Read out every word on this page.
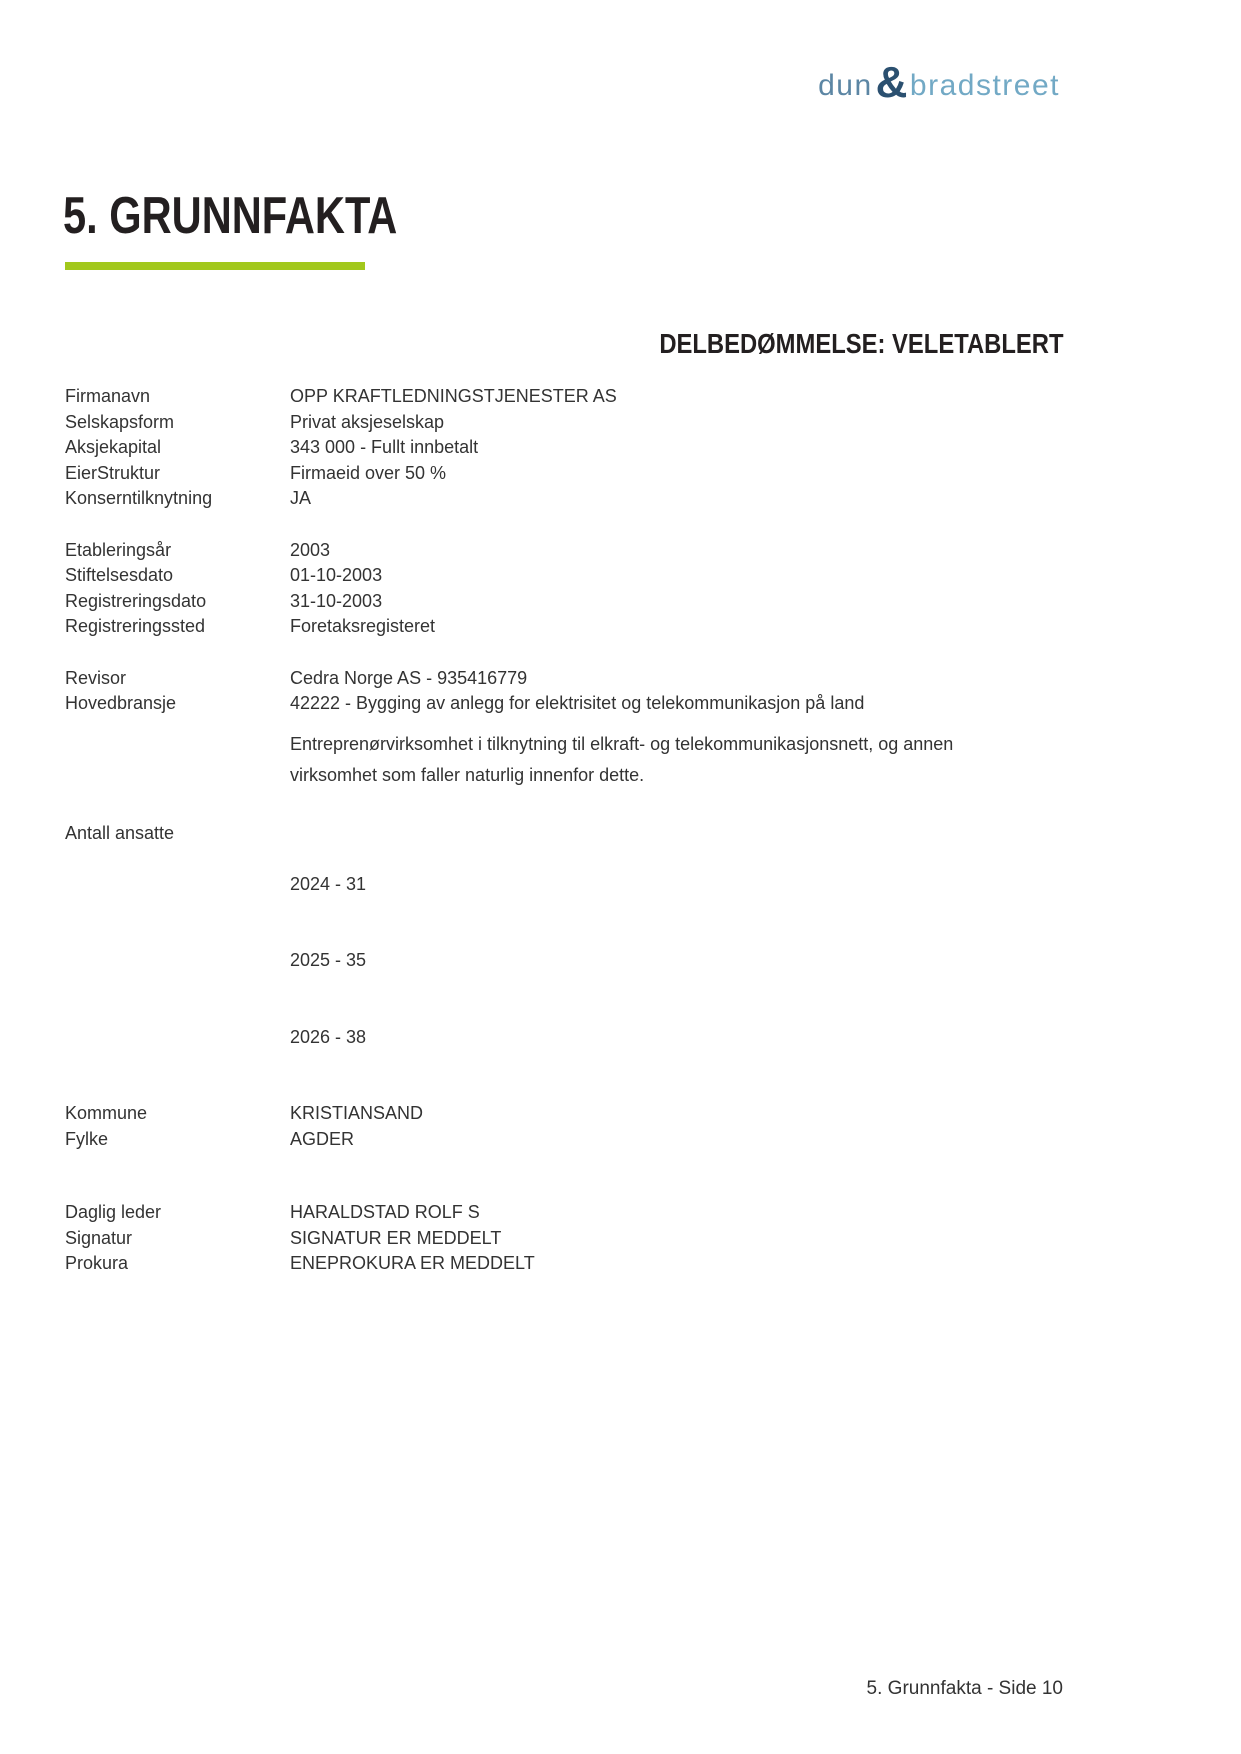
dun & bradstreet
5. GRUNNFAKTA
DELBEDØMMELSE: VELETABLERT
Firmanavn	OPP KRAFTLEDNINGSTJENESTER AS
Selskapsform	Privat aksjeselskap
Aksjekapital	343 000 - Fullt innbetalt
EierStruktur	Firmaeid over 50 %
Konserntilknytning	JA
Etableringsår	2003
Stiftelsesdato	01-10-2003
Registreringsdato	31-10-2003
Registreringssted	Foretaksregisteret
Revisor	Cedra Norge AS - 935416779
Hovedbransje	42222 - Bygging av anlegg for elektrisitet og telekommunikasjon på land
Entreprenørvirksomhet i tilknytning til elkraft- og telekommunikasjonsnett, og annen virksomhet som faller naturlig innenfor dette.
Antall ansatte

2024 - 31

2025 - 35

2026 - 38

Kommune	KRISTIANSAND
Fylke	AGDER
Daglig leder	HARALDSTAD ROLF S
Signatur	SIGNATUR ER MEDDELT
Prokura	ENEPROKURA ER MEDDELT
5. Grunnfakta - Side 10
